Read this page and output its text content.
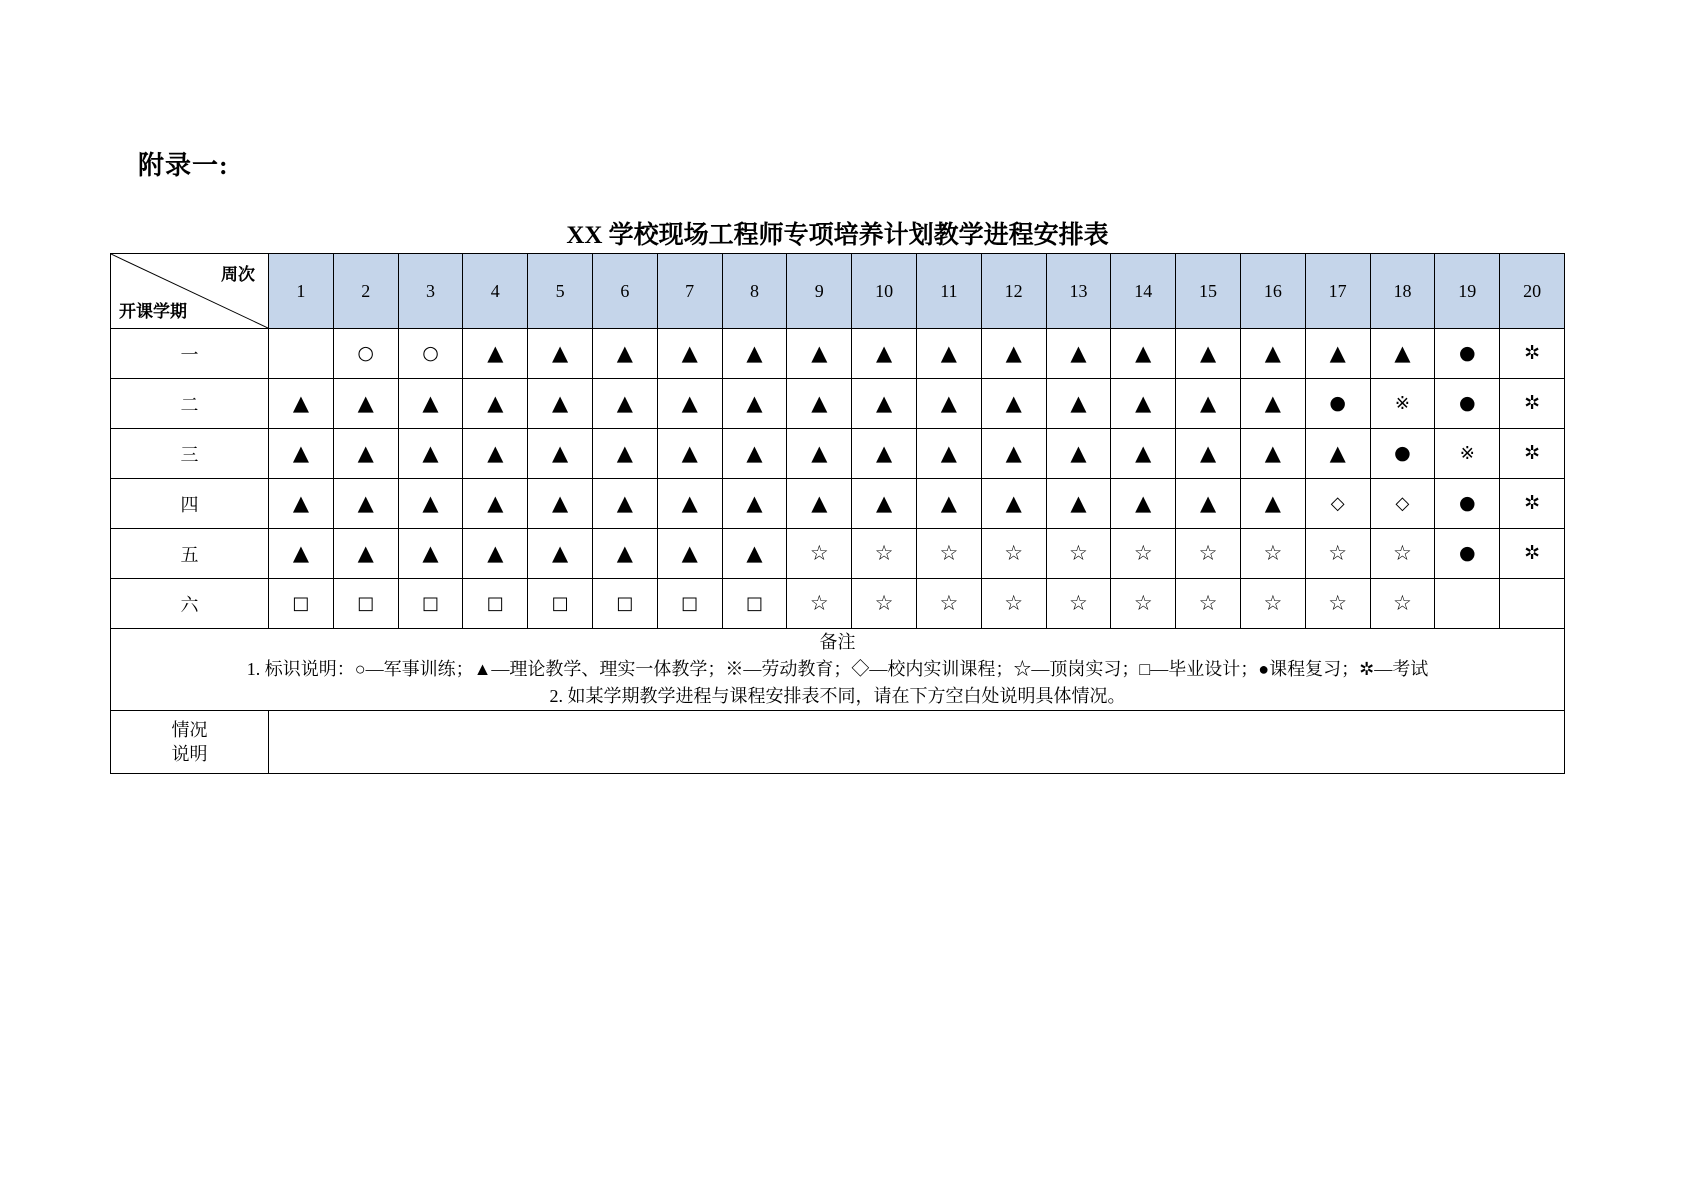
附录一:
XX 学校现场工程师专项培养计划教学进程安排表
周次
开课学期	1	2	3	4	5	6	7	8	9	10	11	12	13	14	15	16	17	18	19	20
一		○	○	▲	▲	▲	▲	▲	▲	▲	▲	▲	▲	▲	▲	▲	▲	▲	●	✲
二	▲	▲	▲	▲	▲	▲	▲	▲	▲	▲	▲	▲	▲	▲	▲	▲	●	※	●	✲
三	▲	▲	▲	▲	▲	▲	▲	▲	▲	▲	▲	▲	▲	▲	▲	▲	▲	●	※	✲
四	▲	▲	▲	▲	▲	▲	▲	▲	▲	▲	▲	▲	▲	▲	▲	▲	◇	◇	●	✲
五	▲	▲	▲	▲	▲	▲	▲	▲	☆	☆	☆	☆	☆	☆	☆	☆	☆	☆	●	✲
六	□	□	□	□	□	□	□	□	☆	☆	☆	☆	☆	☆	☆	☆	☆	☆		

备注
1. 标识说明：○—军事训练；▲—理论教学、理实一体教学；※—劳动教育；◇—校内实训课程；☆—顶岗实习；□—毕业设计；●课程复习；✲—考试
2. 如某学期教学进程与课程安排表不同，请在下方空白处说明具体情况。																				

情况
说明																				
